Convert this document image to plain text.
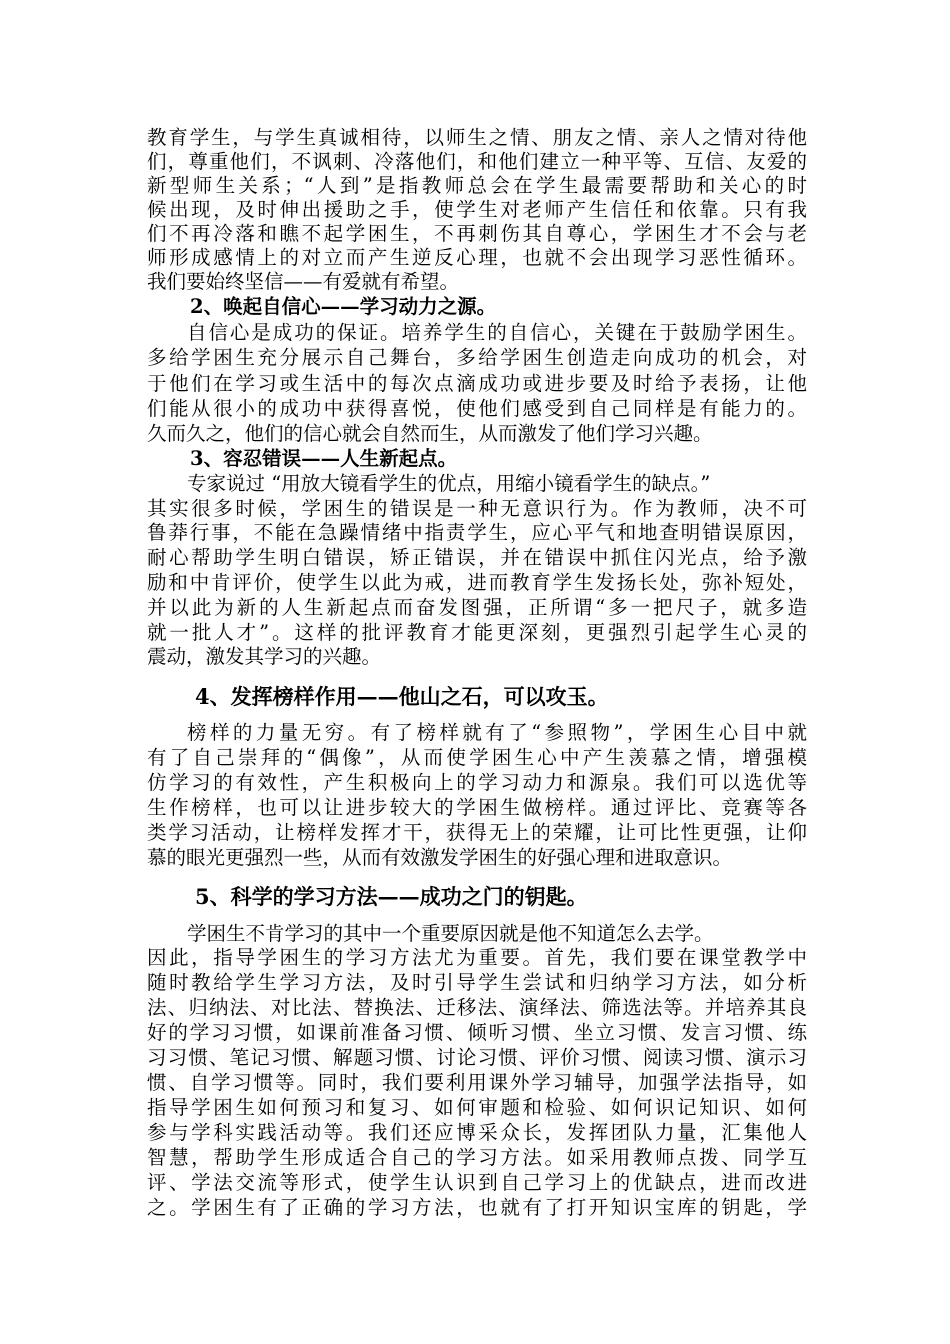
教育学生，与学生真诚相待，以师生之情、朋友之情、亲人之情对待他
们，尊重他们，不讽刺、冷落他们，和他们建立一种平等、互信、友爱的
新型师生关系；“人到”是指教师总会在学生最需要帮助和关心的时
候出现，及时伸出援助之手，使学生对老师产生信任和依靠。只有我
们不再冷落和瞧不起学困生，不再刺伤其自尊心，学困生才不会与老
师形成感情上的对立而产生逆反心理，也就不会出现学习恶性循环。
我们要始终坚信——有爱就有希望。
2、唤起自信心——学习动力之源。
自信心是成功的保证。培养学生的自信心，关键在于鼓励学困生。
多给学困生充分展示自己舞台，多给学困生创造走向成功的机会，对
于他们在学习或生活中的每次点滴成功或进步要及时给予表扬，让他
们能从很小的成功中获得喜悦，使他们感受到自己同样是有能力的。
久而久之，他们的信心就会自然而生，从而激发了他们学习兴趣。
3、容忍错误——人生新起点。
专家说过 “用放大镜看学生的优点，用缩小镜看学生的缺点。”
其实很多时候，学困生的错误是一种无意识行为。作为教师，决不可
鲁莽行事，不能在急躁情绪中指责学生，应心平气和地查明错误原因，
耐心帮助学生明白错误，矫正错误，并在错误中抓住闪光点，给予激
励和中肯评价，使学生以此为戒，进而教育学生发扬长处，弥补短处，
并以此为新的人生新起点而奋发图强，正所谓“多一把尺子，就多造
就一批人才”。这样的批评教育才能更深刻，更强烈引起学生心灵的
震动，激发其学习的兴趣。
4、发挥榜样作用——他山之石，可以攻玉。
榜样的力量无穷。有了榜样就有了“参照物”，学困生心目中就
有了自己崇拜的“偶像”，从而使学困生心中产生羡慕之情，增强模
仿学习的有效性，产生积极向上的学习动力和源泉。我们可以选优等
生作榜样，也可以让进步较大的学困生做榜样。通过评比、竞赛等各
类学习活动，让榜样发挥才干，获得无上的荣耀，让可比性更强，让仰
慕的眼光更强烈一些，从而有效激发学困生的好强心理和进取意识。
5、科学的学习方法——成功之门的钥匙。
学困生不肯学习的其中一个重要原因就是他不知道怎么去学。
因此，指导学困生的学习方法尤为重要。首先，我们要在课堂教学中
随时教给学生学习方法，及时引导学生尝试和归纳学习方法，如分析
法、归纳法、对比法、替换法、迁移法、演绎法、筛选法等。并培养其良
好的学习习惯，如课前准备习惯、倾听习惯、坐立习惯、发言习惯、练
习习惯、笔记习惯、解题习惯、讨论习惯、评价习惯、阅读习惯、演示习
惯、自学习惯等。同时，我们要利用课外学习辅导，加强学法指导，如
指导学困生如何预习和复习、如何审题和检验、如何识记知识、如何
参与学科实践活动等。我们还应博采众长，发挥团队力量，汇集他人
智慧，帮助学生形成适合自己的学习方法。如采用教师点拨、同学互
评、学法交流等形式，使学生认识到自己学习上的优缺点，进而改进
之。学困生有了正确的学习方法，也就有了打开知识宝库的钥匙，学
